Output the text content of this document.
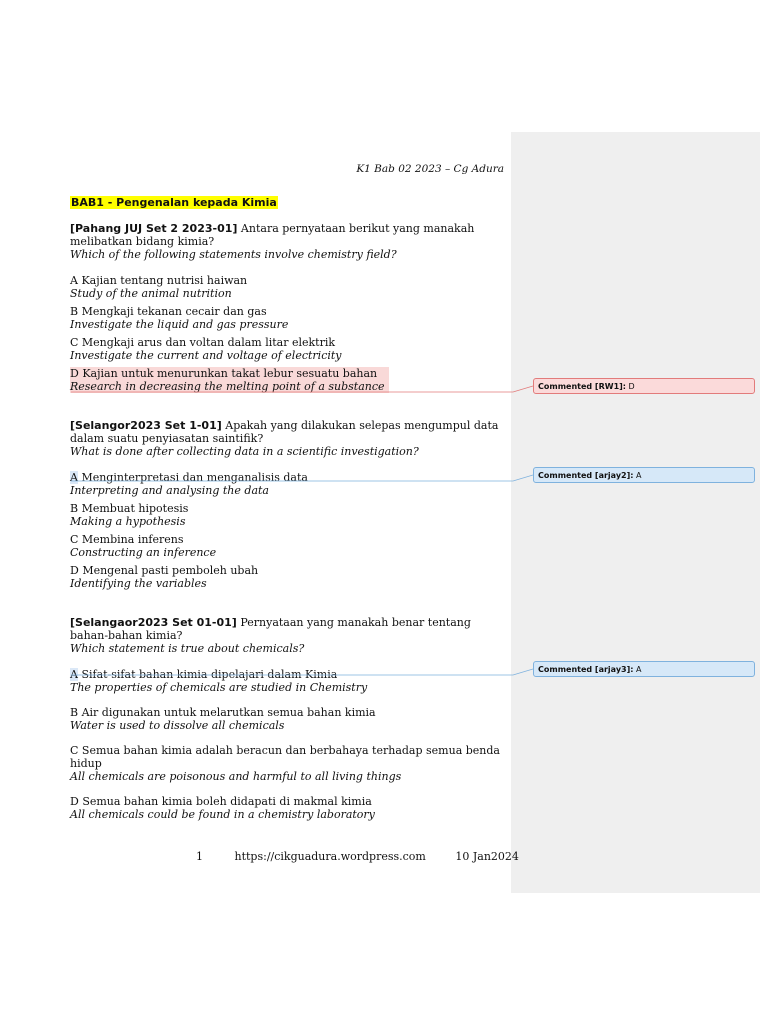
K1 Bab 02 2023 – Cg Adura
BAB1 - Pengenalan kepada Kimia
[Pahang JUJ Set 2 2023-01] Antara pernyataan berikut yang manakah melibatkan bidang kimia?
Which of the following statements involve chemistry field?
A Kajian tentang nutrisi haiwan
Study of the animal nutrition
B Mengkaji tekanan cecair dan gas
Investigate the liquid and gas pressure
C Mengkaji arus dan voltan dalam litar elektrik
Investigate the current and voltage of electricity
D Kajian untuk menurunkan takat lebur sesuatu bahan
Research in decreasing the melting point of a substance
[Selangor2023 Set 1-01] Apakah yang dilakukan selepas mengumpul data dalam suatu penyiasatan saintifik?
What is done after collecting data in a scientific investigation?
A Menginterpretasi dan menganalisis data
Interpreting and analysing the data
B Membuat hipotesis
Making a hypothesis
C Membina inferens
Constructing an inference
D Mengenal pasti pemboleh ubah
Identifying the variables
[Selangaor2023 Set 01-01] Pernyataan yang manakah benar tentang bahan-bahan kimia?
Which statement is true about chemicals?
A Sifat-sifat bahan kimia dipelajari dalam Kimia
The properties of chemicals are studied in Chemistry
B Air digunakan untuk melarutkan semua bahan kimia
Water is used to dissolve all chemicals
C Semua bahan kimia adalah beracun dan berbahaya terhadap semua benda hidup
All chemicals are poisonous and harmful to all living things
D Semua bahan kimia boleh didapati di makmal kimia
All chemicals could be found in a chemistry laboratory
Commented [RW1]: D
Commented [arjay2]: A
Commented [arjay3]: A
1	https://cikguadura.wordpress.com	10 Jan2024
